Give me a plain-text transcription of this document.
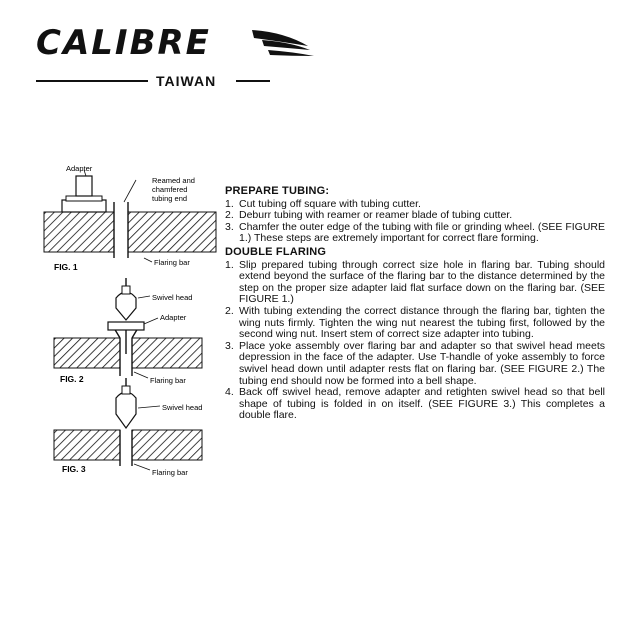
CALIBRE
TAIWAN
Adapter
Reamed and
chamfered
tubing end
Flaring bar
FIG. 1
Swivel head
Adapter
Flaring bar
FIG. 2
Swivel head
Flaring bar
FIG. 3
PREPARE TUBING:
1. Cut tubing off square with tubing cutter.
2. Deburr tubing with reamer or reamer blade of tubing cutter.
3. Chamfer the outer edge of the tubing with file or grinding wheel. (SEE FIGURE 1.) These steps are extremely important for correct flare forming.
DOUBLE FLARING
1. Slip prepared tubing through correct size hole in flaring bar. Tubing should extend beyond the surface of the flaring bar to the distance determined by the step on the proper size adapter laid flat surface down on the flaring bar. (SEE FIGURE 1.)
2. With tubing extending the correct distance through the flaring bar, tighten the wing nuts firmly. Tighten the wing nut nearest the tubing first, followed by the second wing nut. Insert stem of correct size adapter into tubing.
3. Place yoke assembly over flaring bar and adapter so that swivel head meets depression in the face of the adapter. Use T-handle of yoke assembly to force swivel head down until adapter rests flat on flaring bar. (SEE FIGURE 2.) The tubing end should now be formed into a bell shape.
4. Back off swivel head, remove adapter and retighten swivel head so that bell shape of tubing is folded in on itself. (SEE FIGURE 3.) This completes a double flare.
